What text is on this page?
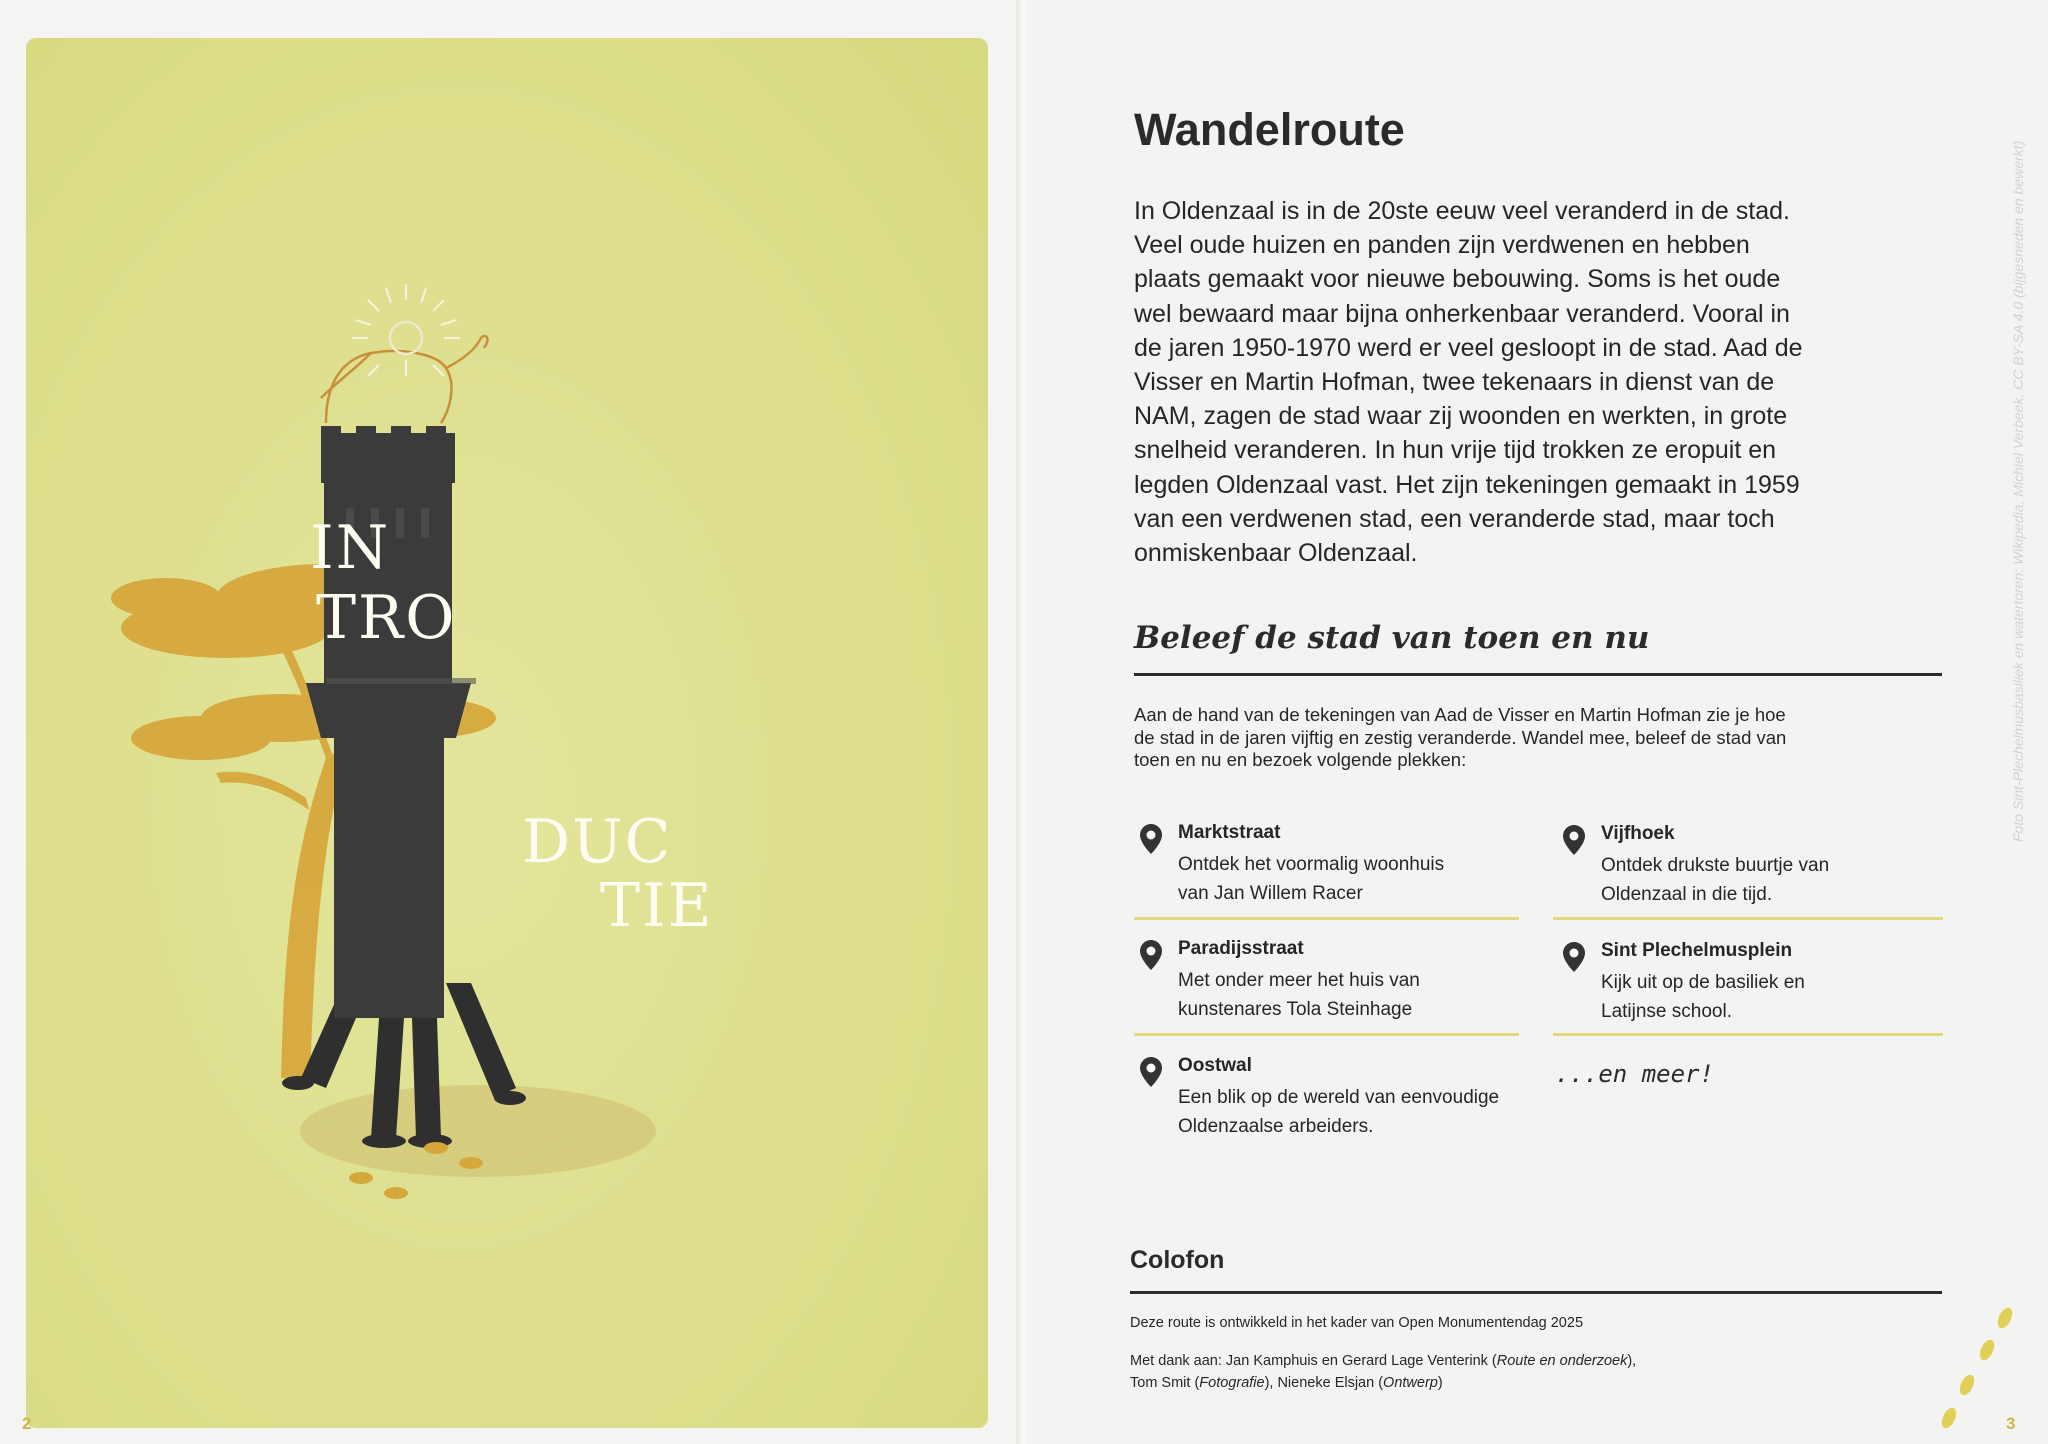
IN
TRO
DUC
TIE
2
Foto Sint-Plechelmusbasiliek en watertoren: Wikipedia, Michiel Verbeek, CC BY-SA 4.0 (bijgesneden en bewerkt)
Wandelroute

In Oldenzaal is in de 20ste eeuw veel veranderd in de stad.

Veel oude huizen en panden zijn verdwenen en hebben

plaats gemaakt voor nieuwe bebouwing. Soms is het oude

wel bewaard maar bijna onherkenbaar veranderd. Vooral in

de jaren 1950-1970 werd er veel gesloopt in de stad. Aad de

Visser en Martin Hofman, twee tekenaars in dienst van de

NAM, zagen de stad waar zij woonden en werkten, in grote

snelheid veranderen. In hun vrije tijd trokken ze eropuit en

legden Oldenzaal vast. Het zijn tekeningen gemaakt in 1959

van een verdwenen stad, een veranderde stad, maar toch

onmiskenbaar Oldenzaal.

Beleef de stad van toen en nu
Aan de hand van de tekeningen van Aad de Visser en Martin Hofman zie je hoe
de stad in de jaren vijftig en zestig veranderde. Wandel mee, beleef de stad van
toen en nu en bezoek volgende plekken:
Marktstraat
Ontdek het voormalig woonhuis
van Jan Willem Racer
Vijfhoek
Ontdek drukste buurtje van
Oldenzaal in die tijd.
Paradijsstraat
Met onder meer het huis van
kunstenares Tola Steinhage
Sint Plechelmusplein
Kijk uit op de basiliek en
Latijnse school.
Oostwal
Een blik op de wereld van eenvoudige
Oldenzaalse arbeiders.
...en meer!
Colofon
Deze route is ontwikkeld in het kader van Open Monumentendag 2025
Met dank aan: Jan Kamphuis en Gerard Lage Venterink (Route en onderzoek),
Tom Smit (Fotografie), Nieneke Elsjan (Ontwerp)
3
